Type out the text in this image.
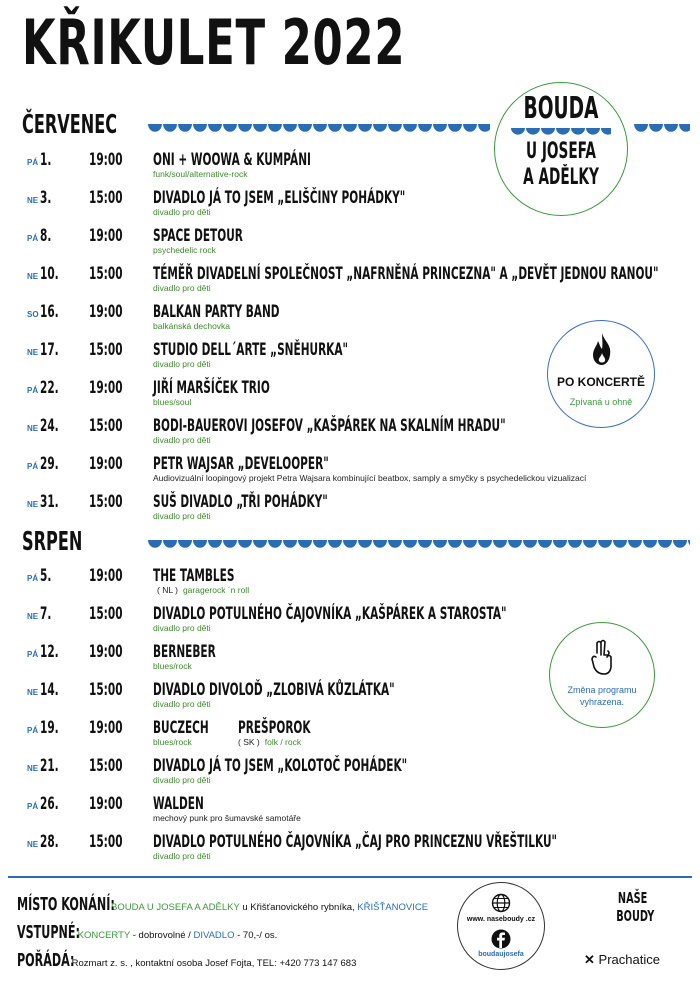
KŘIKULET 2022
ČERVENEC
PÁ 1. 19:00 ONI + WOOWA & KUMPÁNI
funk/soul/alternative-rock
NE 3. 15:00 DIVADLO JÁ TO JSEM „ELIŠČINY POHÁDKY"
divadlo pro děti
PÁ 8. 19:00 SPACE DETOUR
psychedelic rock
NE 10. 15:00 TÉMĚŘ DIVADELNÍ SPOLEČNOST „NAFRNĚNÁ PRINCEZNA" A „DEVĚT JEDNOU RANOU"
divadlo pro děti
SO 16. 19:00 BALKAN PARTY BAND
balkánská dechovka
NE 17. 15:00 STUDIO DELL´ARTE „SNĚHURKA"
divadlo pro děti
PÁ 22. 19:00 JIŘÍ MARŠÍČEK TRIO
blues/soul
NE 24. 15:00 BODI-BAUEROVI JOSEFOV „KAŠPÁREK NA SKALNÍM HRADU"
divadlo pro děti
PÁ 29. 19:00 PETR WAJSAR „DEVELOOPER"
Audiovizuální loopingový projekt Petra Wajsara kombinující beatbox, samply a smyčky s psychedelickou vizualizací
NE 31. 15:00 SUŠ DIVADLO „TŘI POHÁDKY"
divadlo pro děti
SRPEN
PÁ 5. 19:00 THE TAMBLES
( NL ) garagerock ´n roll
NE 7. 15:00 DIVADLO POTULNÉHO ČAJOVNÍKA „KAŠPÁREK A STAROSTA"
divadlo pro děti
PÁ 12. 19:00 BERNEBER
blues/rock
NE 14. 15:00 DIVADLO DIVOLOĎ „ZLOBIVÁ KŮZLÁTKA"
divadlo pro děti
PÁ 19. 19:00 BUCZECH
blues/rock
PREŠPOROK
( SK ) folk / rock
NE 21. 15:00 DIVADLO JÁ TO JSEM „KOLOTOČ POHÁDEK"
divadlo pro děti
PÁ 26. 19:00 WALDEN
mechový punk pro šumavské samotáře
NE 28. 15:00 DIVADLO POTULNÉHO ČAJOVNÍKA „ČAJ PRO PRINCEZNU VŘEŠTILKU"
divadlo pro děti
BOUDA
U JOSEFA
A ADĚLKY
PO KONCERTĚ
Zpívaná u ohně
Změna programu
vyhrazena.
MÍSTO KONÁNÍ:BOUDA U JOSEFA A ADĚLKY u Křišťanovického rybníka, KŘIŠŤANOVICE
VSTUPNÉ: KONCERTY - dobrovolné / DIVADLO - 70,-/ os.
POŘÁDÁ: Rozmart z. s. , kontaktní osoba Josef Fojta, TEL: +420 773 147 683
www. naseboudy .cz
boudaujosefa
NAŠE BOUDY
✕ Prachatice
